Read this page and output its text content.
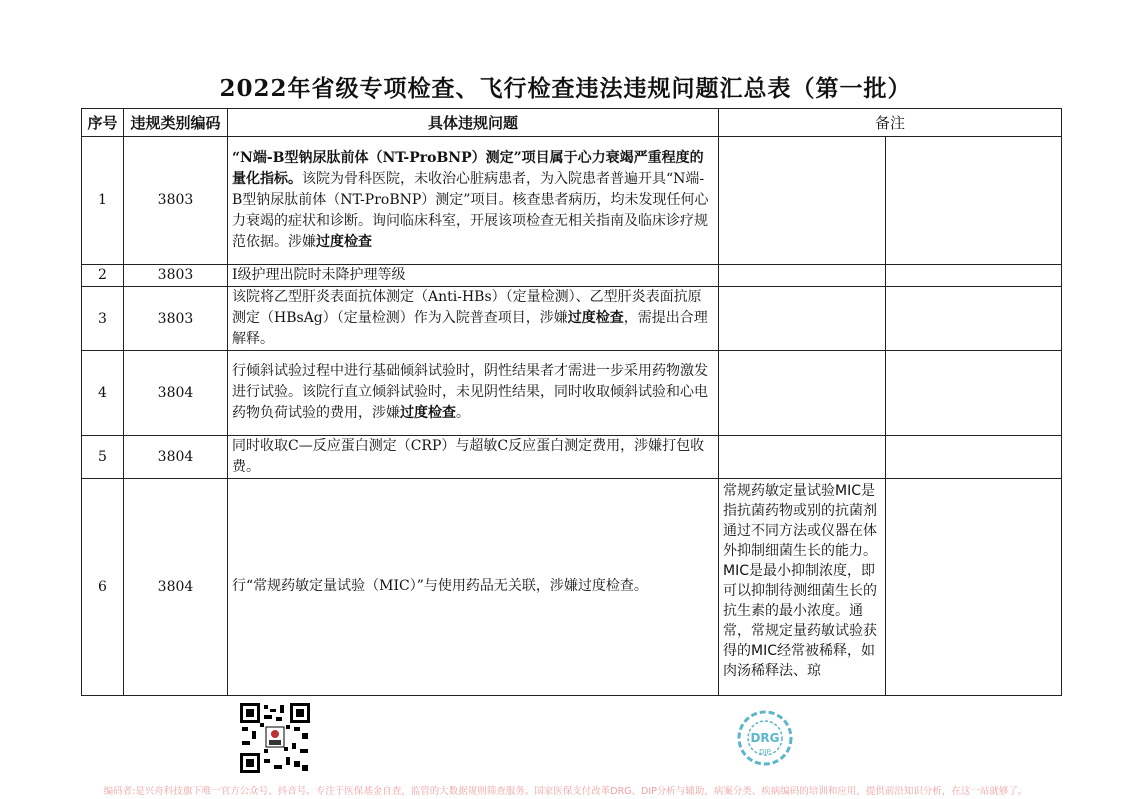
2022年省级专项检查、飞行检查违法违规问题汇总表（第一批）
序号	违规类别编码	具体违规问题	备注	
1	3803	“N端-B型钠尿肽前体（NT-ProBNP）测定”项目属于心力衰竭严重程度的量化指标。该院为骨科医院，未收治心脏病患者，为入院患者普遍开具“N端-B型钠尿肽前体（NT-ProBNP）测定”项目。核查患者病历，均未发现任何心力衰竭的症状和诊断。询问临床科室，开展该项检查无相关指南及临床诊疗规范依据。涉嫌过度检查		
2	3803	I级护理出院时未降护理等级		
3	3803	该院将乙型肝炎表面抗体测定（Anti-HBs）（定量检测）、乙型肝炎表面抗原测定（HBsAg）（定量检测）作为入院普查项目，涉嫌过度检查，需提出合理解释。		
4	3804	行倾斜试验过程中进行基础倾斜试验时，阴性结果者才需进一步采用药物激发进行试验。该院行直立倾斜试验时，未见阴性结果，同时收取倾斜试验和心电药物负荷试验的费用，涉嫌过度检查。		
5	3804	同时收取C—反应蛋白测定（CRP）与超敏C反应蛋白测定费用，涉嫌打包收费。		
6	3804	行“常规药敏定量试验（MIC）”与使用药品无关联，涉嫌过度检查。	常规药敏定量试验MIC是指抗菌药物或别的抗菌剂通过不同方法或仪器在体外抑制细菌生长的能力。MIC是最小抑制浓度，即可以抑制待测细菌生长的抗生素的最小浓度。通常，常规定量药敏试验获得的MIC经常被稀释，如肉汤稀释法、琼	

DRG
DIP
编码者:是兴舟科技旗下唯一官方公众号、抖音号。专注于医保基金自查、监管的大数据规则筛查服务。国家医保支付改革DRG、DIP分析与辅助，病案分类、疾病编码的培训和应用，提供前沿知识分析，在这一站就够了。
